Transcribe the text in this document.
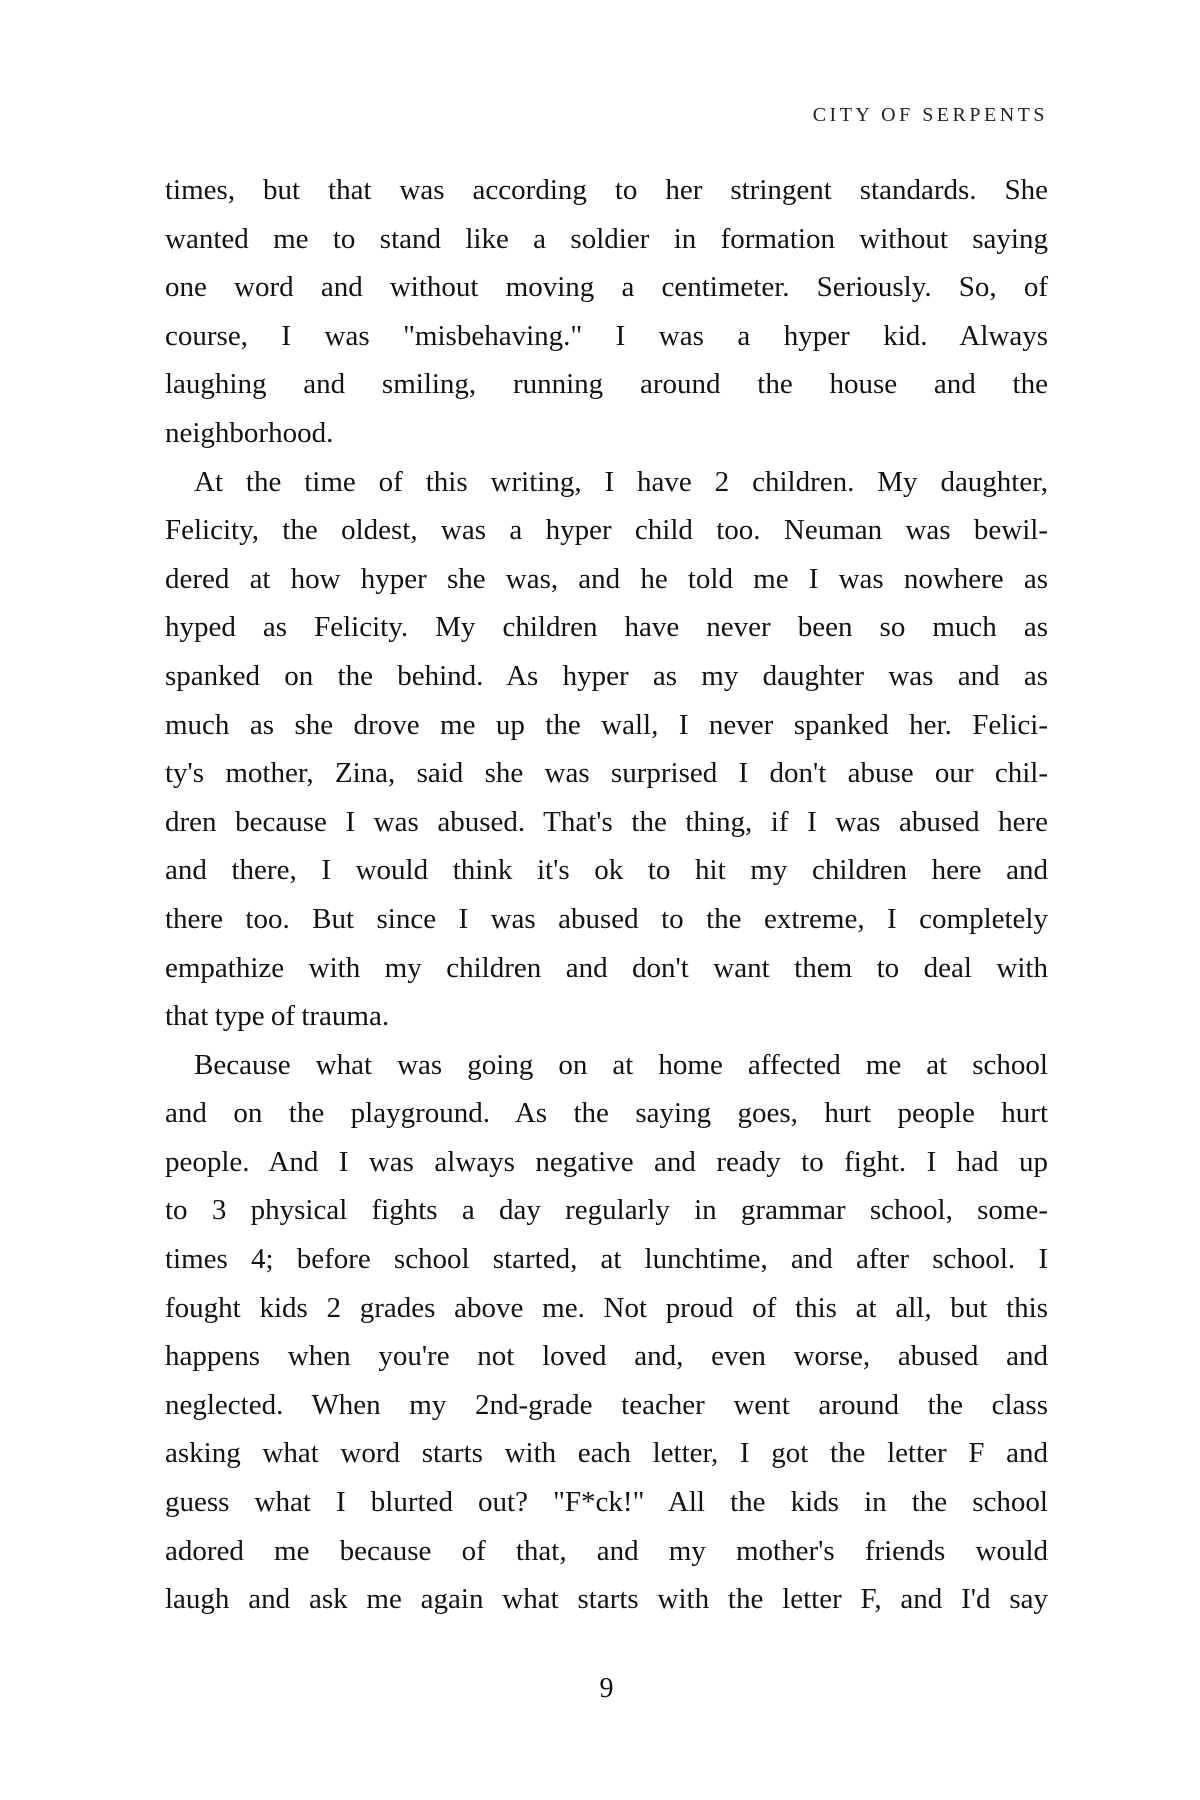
CITY OF SERPENTS
times, but that was according to her stringent standards. She
wanted me to stand like a soldier in formation without saying
one word and without moving a centimeter. Seriously. So, of
course, I was "misbehaving." I was a hyper kid. Always
laughing and smiling, running around the house and the
neighborhood.
At the time of this writing, I have 2 children. My daughter,
Felicity, the oldest, was a hyper child too. Neuman was bewil-
dered at how hyper she was, and he told me I was nowhere as
hyped as Felicity. My children have never been so much as
spanked on the behind. As hyper as my daughter was and as
much as she drove me up the wall, I never spanked her. Felici-
ty's mother, Zina, said she was surprised I don't abuse our chil-
dren because I was abused. That's the thing, if I was abused here
and there, I would think it's ok to hit my children here and
there too. But since I was abused to the extreme, I completely
empathize with my children and don't want them to deal with
that type of trauma.
Because what was going on at home affected me at school
and on the playground. As the saying goes, hurt people hurt
people. And I was always negative and ready to fight. I had up
to 3 physical fights a day regularly in grammar school, some-
times 4; before school started, at lunchtime, and after school. I
fought kids 2 grades above me. Not proud of this at all, but this
happens when you're not loved and, even worse, abused and
neglected. When my 2nd-grade teacher went around the class
asking what word starts with each letter, I got the letter F and
guess what I blurted out? "F*ck!" All the kids in the school
adored me because of that, and my mother's friends would
laugh and ask me again what starts with the letter F, and I'd say
9
